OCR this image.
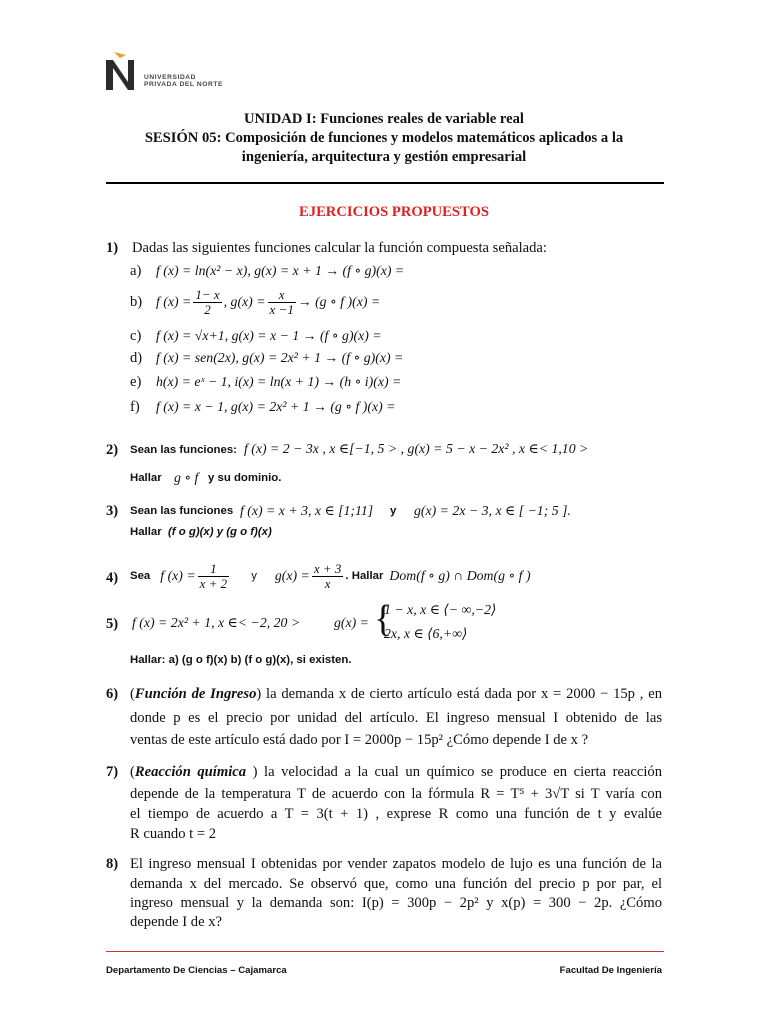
UNIVERSIDAD
PRIVADA DEL NORTE
UNIDAD I: Funciones reales de variable real
SESIÓN 05: Composición de funciones y modelos matemáticos aplicados a la
ingeniería, arquitectura y gestión empresarial
EJERCICIOS PROPUESTOS
1) Dadas las siguientes funciones calcular la función compuesta señalada:
a) f (x) = ln(x² − x), g(x) = x + 1 → (f ∘ g)(x) =
b) f $(x) = \frac{1- x}{2}$ , $g(x) = \frac{x}{x -1} \to (g$ ∘ f )(x) =
c) f (x) = √x+1, g(x) = x − 1 → (f ∘ g)(x) =
d) f (x) = sen(2x), g(x) = 2x² + 1 → (f ∘ g)(x) =
e) h(x) = eˣ − 1, i(x) = ln(x + 1) → (h ∘ i)(x) =
f) f (x) = x − 1, g(x) = 2x² + 1 → (g ∘ f )(x) =
2) Sean las funciones: f (x) = 2 − 3x , x ∈[−1, 5 > , g(x) = 5 − x − 2x² , x ∈< 1,10 >
Hallar g ∘ f y su dominio.
3) Sean las funciones f (x) = x + 3, x ∈ [1;11] y g(x) = 2x − 3, x ∈ [ −1; 5 ].
Hallar (f o g)(x) y (g o f)(x)
4) Sea f $(x) = \frac{1}{x + 2}$ y $g(x) = \frac{x + 3}{x}$ . Hallar Dom(f ∘ g) ∩ Dom(g ∘ f )
5) f (x) = 2x² + 1, x ∈< −2, 20 > g(x) = {
1 − x, x ∈ ⟨− ∞,−2⟩
2x, x ∈ ⟨6,+∞⟩
Hallar: a) (g o f)(x) b) (f o g)(x), si existen.
6) (Función de Ingreso) la demanda x de cierto artículo está dada por x = 2000 − 15p , en
donde p es el precio por unidad del artículo. El ingreso mensual I obtenido de las
ventas de este artículo está dado por I = 2000p − 15p² ¿Cómo depende I de x ?
7) (Reacción química ) la velocidad a la cual un químico se produce en cierta reacción
depende de la temperatura T de acuerdo con la fórmula R = T⁵ + 3√T si T varía con
el tiempo de acuerdo a T = 3(t + 1) , exprese R como una función de t y evalúe
R cuando t = 2
8) El ingreso mensual I obtenidas por vender zapatos modelo de lujo es una función de la
demanda x del mercado. Se observó que, como una función del precio p por par, el
ingreso mensual y la demanda son: I(p) = 300p − 2p² y x(p) = 300 − 2p. ¿Cómo
depende I de x?
Departamento De Ciencias – Cajamarca	Facultad De Ingeniería
